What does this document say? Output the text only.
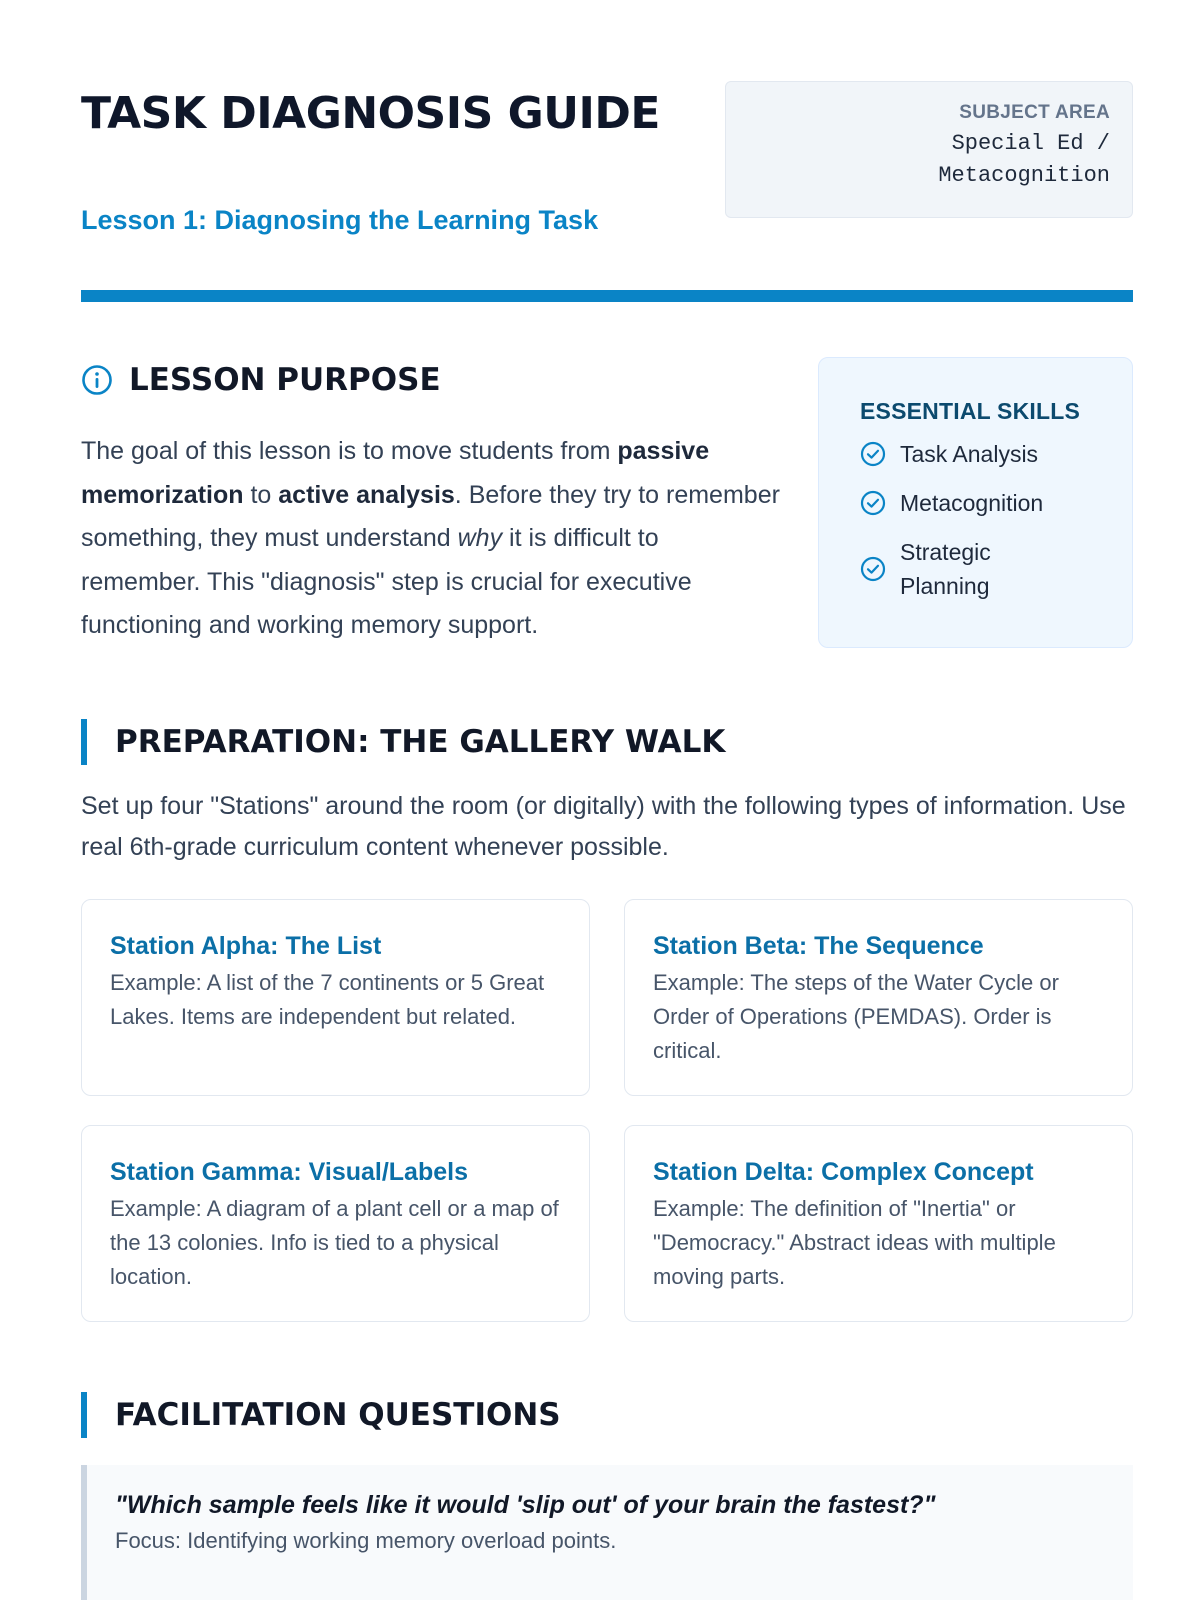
TASK DIAGNOSIS GUIDE
Lesson 1: Diagnosing the Learning Task
SUBJECT AREA
Special Ed /
Metacognition
LESSON PURPOSE

The goal of this lesson is to move students from passive memorization to active analysis. Before they try to remember something, they must understand why it is difficult to remember. This "diagnosis" step is crucial for executive functioning and working memory support.

ESSENTIAL SKILLS
Task Analysis
Metacognition
Strategic Planning
PREPARATION: THE GALLERY WALK

Set up four "Stations" around the room (or digitally) with the following types of information. Use real 6th-grade curriculum content whenever possible.

Station Alpha: The List
Example: A list of the 7 continents or 5 Great Lakes. Items are independent but related.
Station Beta: The Sequence
Example: The steps of the Water Cycle or Order of Operations (PEMDAS). Order is critical.
Station Gamma: Visual/Labels
Example: A diagram of a plant cell or a map of the 13 colonies. Info is tied to a physical location.
Station Delta: Complex Concept
Example: The definition of "Inertia" or "Democracy." Abstract ideas with multiple moving parts.
FACILITATION QUESTIONS
"Which sample feels like it would 'slip out' of your brain the fastest?"
Focus: Identifying working memory overload points.
